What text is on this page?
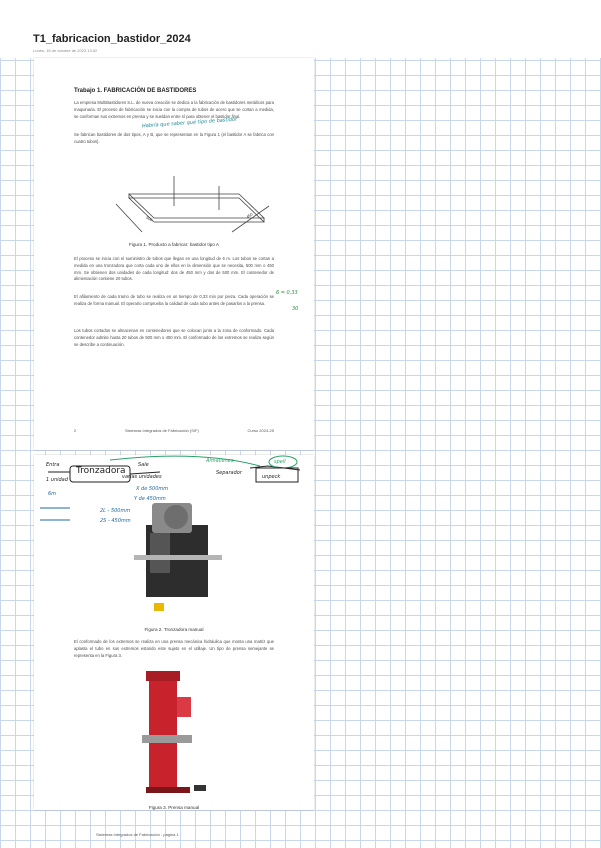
T1_fabricacion_bastidor_2024
Lunes, 16 de octubre de 2023 13:02
Trabajo 1. FABRICACIÓN DE BASTIDORES
La empresa MultiBastidores S.L. de nueva creación se dedica a la fabricación de bastidores metálicos para maquinaria. El proceso de fabricación se inicia con la compra de tubos de acero que se cortan a medida, se conforman sus extremos en prensa y se sueldan entre sí para obtener el bastidor final.
Se fabrican bastidores de dos tipos, A y B, que se representan en la Figura 1 (el bastidor A se fabrica con cuatro tubos).
500	450
Figura 1. Producto a fabricar: bastidor tipo A
El proceso se inicia con el suministro de tubos que llegan en una longitud de 6 m. Los tubos se cortan a medida en una tronzadora que corta cada uno de ellos en la dimensión que se necesita, 500 mm o 450 mm. Se obtienen dos unidades de cada longitud: dos de 450 mm y dos de 500 mm. El contenedor de alimentación contiene 20 tubos.
El afilamiento de cada tramo de tubo se realiza en un tiempo de 0,33 min por pieza. Cada operación se realiza de forma manual. El operario comprueba la calidad de cada tubo antes de pasarlos a la prensa.
Los tubos cortados se almacenan en contenedores que se colocan junto a la zona de conformado. Cada contenedor admite hasta 20 tubos de 500 mm o 450 mm. El conformado de los extremos se realiza según se describe a continuación.
2	Sistemas Integrados de Fabricación (SIF)	Curso 2024-25
Habría que saber qué tipo de bastidor
6 = 0,33
30
Figura 2. Tronzadora manual
El conformado de los extremos se realiza en una prensa mecánica hidráulica que monta una matriz que aplasta el tubo en sus extremos estando este sujeto en el utillaje. Un tipo de prensa semejante se representa en la Figura 3.
Figura 3. Prensa manual
Tronzadora
Entra
1 unidad
6m
Sale
varias unidades
X de 500mm
Y de 450mm
2L - 500mm
2S - 450mm
Almacenes
Separador
spell
unpeck
Sistemas Integrados de Fabricación - página 1
